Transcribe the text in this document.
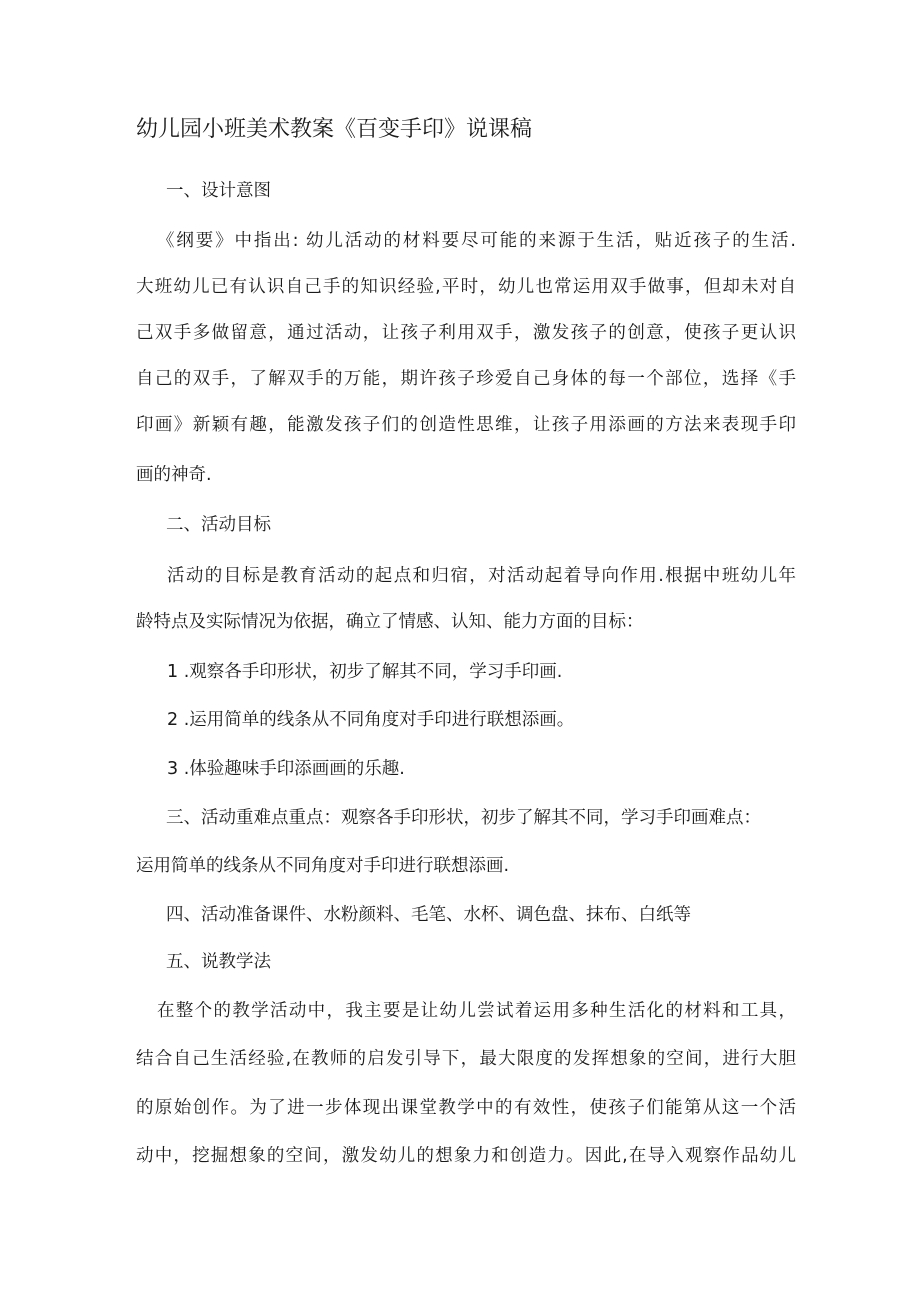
幼儿园小班美术教案《百变手印》说课稿
一、设计意图
《纲要》中指出: 幼儿活动的材料要尽可能的来源于生活，贴近孩子的生活.
大班幼儿已有认识自己手的知识经验,平时，幼儿也常运用双手做事，但却未对自
己双手多做留意，通过活动，让孩子利用双手，激发孩子的创意，使孩子更认识
自己的双手，了解双手的万能，期许孩子珍爱自己身体的每一个部位，选择《手
印画》新颖有趣，能激发孩子们的创造性思维，让孩子用添画的方法来表现手印
画的神奇.
二、活动目标
活动的目标是教育活动的起点和归宿，对活动起着导向作用.根据中班幼儿年
龄特点及实际情况为依据，确立了情感、认知、能力方面的目标：
1 .观察各手印形状，初步了解其不同，学习手印画.
2 .运用简单的线条从不同角度对手印进行联想添画。
3 .体验趣味手印添画画的乐趣.
三、活动重难点重点：观察各手印形状，初步了解其不同，学习手印画难点：
运用简单的线条从不同角度对手印进行联想添画.
四、活动准备课件、水粉颜料、毛笔、水杯、调色盘、抹布、白纸等
五、说教学法
在整个的教学活动中，我主要是让幼儿尝试着运用多种生活化的材料和工具，
结合自己生活经验,在教师的启发引导下，最大限度的发挥想象的空间，进行大胆
的原始创作。为了进一步体现出课堂教学中的有效性，使孩子们能第从这一个活
动中，挖掘想象的空间，激发幼儿的想象力和创造力。因此,在导入观察作品幼儿
